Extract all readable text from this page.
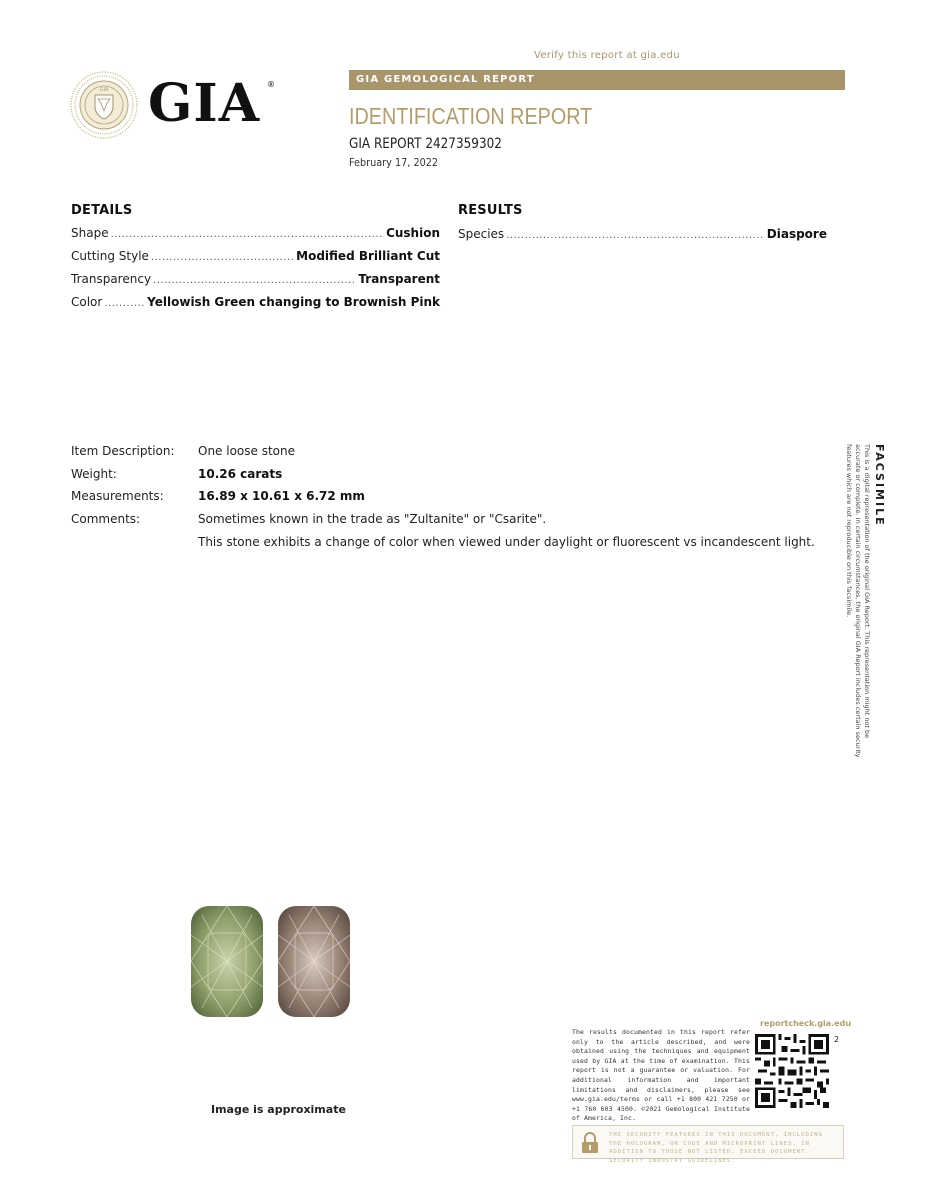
Verify this report at gia.edu
GIA GIA ®	GIA GEMOLOGICAL REPORT
IDENTIFICATION REPORT
GIA REPORT 2427359302
February 17, 2022
DETAILS
Shape .....	Cushion
Cutting Style .....	Modified Brilliant Cut
Transparency .....	Transparent
Color .....	Yellowish Green changing to Brownish Pink
RESULTS
Species .....	Diaspore
Item Description: One loose stone
Weight:	10.26 carats
Measurements:	16.89 x 10.61 x 6.72 mm
Comments:	Sometimes known in the trade as "Zultanite" or "Csarite".
This stone exhibits a change of color when viewed under daylight or fluorescent vs incandescent light.
FACSIMILE
This is a digital representation of the original GIA Report. This representation might not be accurate or complete. In certain circumstances, the original GIA Report includes certain security features which are not reproducible on this facsimile.
Image is approximate
The results documented in this report refer only to the article described, and were obtained using the techniques and equipment used by GIA at the time of examination. This report is not a guarantee or valuation. For additional information and important limitations and disclaimers, please see www.gia.edu/terms or call +1 800 421 7250 or +1 760 603 4500. ©2021 Gemological Institute of America, Inc.
reportcheck.gia.edu
2
THE SECURITY FEATURES IN THIS DOCUMENT, INCLUDING THE HOLOGRAM, QR CODE AND MICROPRINT LINES, IN ADDITION TO THOSE NOT LISTED, EXCEED DOCUMENT SECURITY INDUSTRY GUIDELINES.
